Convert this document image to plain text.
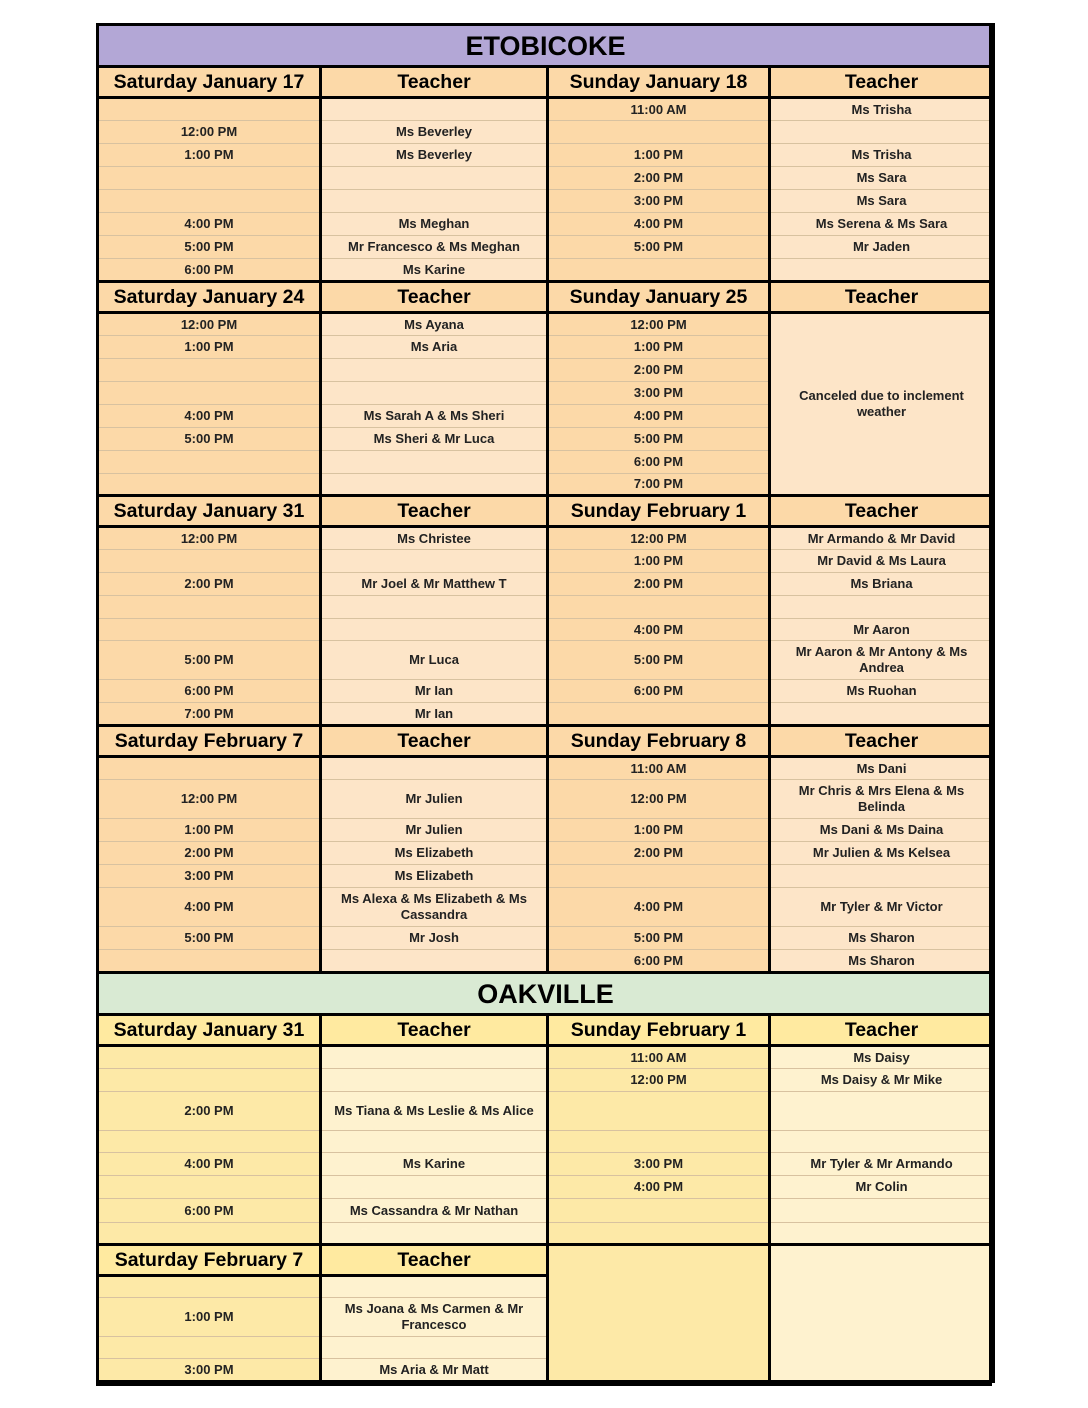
ETOBICOKE			
Saturday January 17	Teacher	Sunday January 18	Teacher
		11:00 AM	Ms Trisha
12:00 PM	Ms Beverley		
1:00 PM	Ms Beverley	1:00 PM	Ms Trisha
		2:00 PM	Ms Sara
		3:00 PM	Ms Sara
4:00 PM	Ms Meghan	4:00 PM	Ms Serena & Ms Sara
5:00 PM	Mr Francesco & Ms Meghan	5:00 PM	Mr Jaden
6:00 PM	Ms Karine		
Saturday January 24	Teacher	Sunday January 25	Teacher
12:00 PM	Ms Ayana	12:00 PM	Canceled due to inclement weather
1:00 PM	Ms Aria	1:00 PM	
		2:00 PM	
		3:00 PM	
4:00 PM	Ms Sarah A & Ms Sheri	4:00 PM	
5:00 PM	Ms Sheri & Mr Luca	5:00 PM	
		6:00 PM	
		7:00 PM	
Saturday January 31	Teacher	Sunday February 1	Teacher
12:00 PM	Ms Christee	12:00 PM	Mr Armando & Mr David
		1:00 PM	Mr David & Ms Laura
2:00 PM	Mr Joel & Mr Matthew T	2:00 PM	Ms Briana

		4:00 PM	Mr Aaron
5:00 PM	Mr Luca	5:00 PM	Mr Aaron & Mr Antony & Ms Andrea
6:00 PM	Mr Ian	6:00 PM	Ms Ruohan
7:00 PM	Mr Ian		
Saturday February 7	Teacher	Sunday February 8	Teacher
		11:00 AM	Ms Dani
12:00 PM	Mr Julien	12:00 PM	Mr Chris & Mrs Elena & Ms Belinda
1:00 PM	Mr Julien	1:00 PM	Ms Dani & Ms Daina
2:00 PM	Ms Elizabeth	2:00 PM	Mr Julien & Ms Kelsea
3:00 PM	Ms Elizabeth		
4:00 PM	Ms Alexa & Ms Elizabeth & Ms Cassandra	4:00 PM	Mr Tyler & Mr Victor
5:00 PM	Mr Josh	5:00 PM	Ms Sharon
		6:00 PM	Ms Sharon
OAKVILLE			
Saturday January 31	Teacher	Sunday February 1	Teacher
		11:00 AM	Ms Daisy
		12:00 PM	Ms Daisy & Mr Mike
2:00 PM	Ms Tiana & Ms Leslie & Ms Alice		

4:00 PM	Ms Karine	3:00 PM	Mr Tyler & Mr Armando
		4:00 PM	Mr Colin
6:00 PM	Ms Cassandra & Mr Nathan		

Saturday February 7	Teacher		

1:00 PM	Ms Joana & Ms Carmen & Mr Francesco		

3:00 PM	Ms Aria & Mr Matt		
